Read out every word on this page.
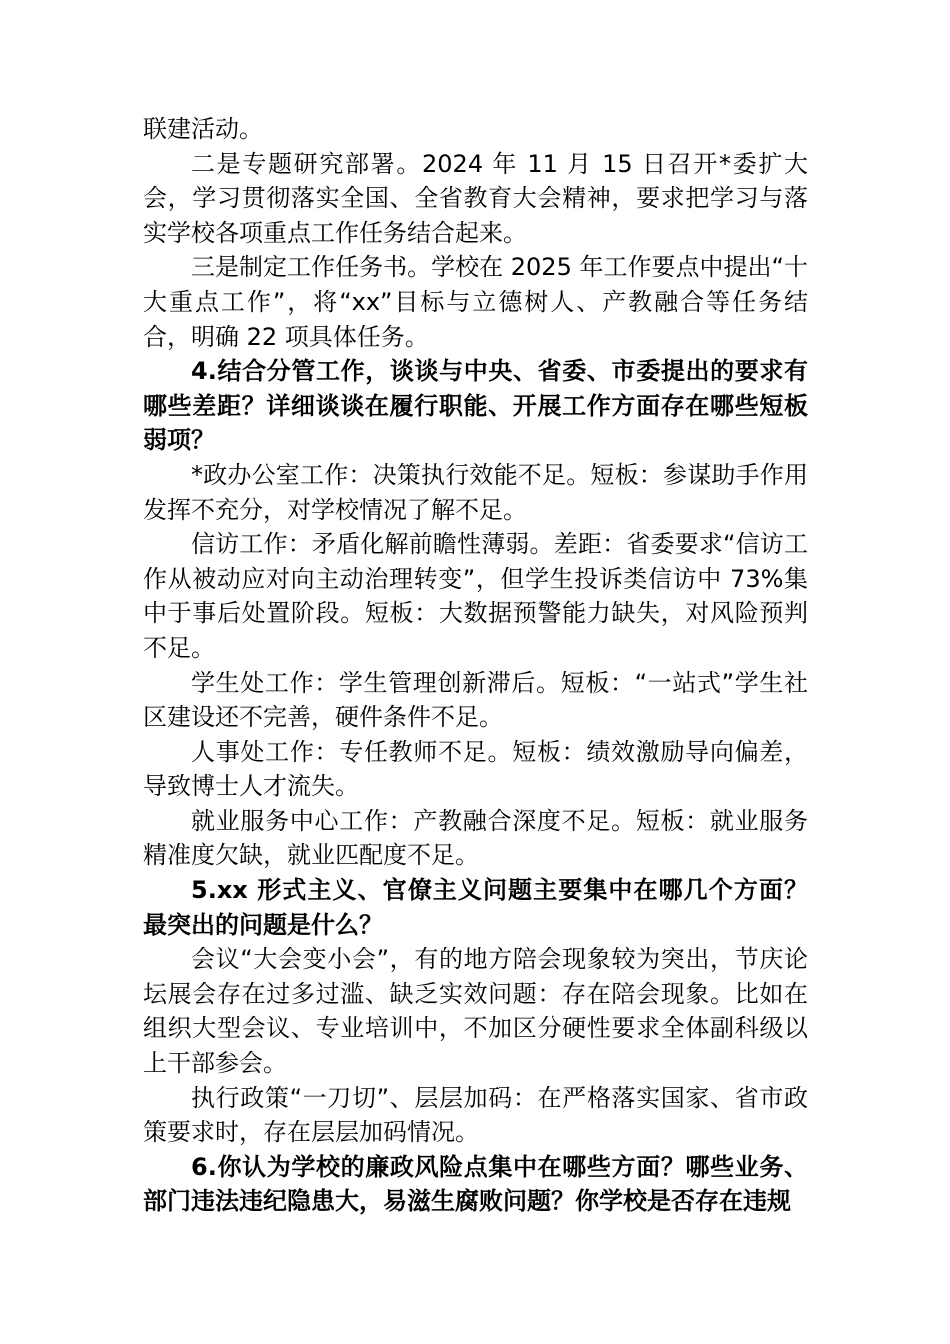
联建活动。

二是专题研究部署。2024 年 11 月 15 日召开*委扩大会，学习贯彻落实全国、全省教育大会精神，要求把学习与落实学校各项重点工作任务结合起来。

三是制定工作任务书。学校在 2025 年工作要点中提出“十大重点工作”，将“xx”目标与立德树人、产教融合等任务结合，明确 22 项具体任务。

4.结合分管工作，谈谈与中央、省委、市委提出的要求有哪些差距？详细谈谈在履行职能、开展工作方面存在哪些短板弱项？

*政办公室工作：决策执行效能不足。短板：参谋助手作用发挥不充分，对学校情况了解不足。

信访工作：矛盾化解前瞻性薄弱。差距：省委要求“信访工作从被动应对向主动治理转变”，但学生投诉类信访中 73%集中于事后处置阶段。短板：大数据预警能力缺失，对风险预判不足。

学生处工作：学生管理创新滞后。短板：“一站式”学生社区建设还不完善，硬件条件不足。

人事处工作：专任教师不足。短板：绩效激励导向偏差，导致博士人才流失。

就业服务中心工作：产教融合深度不足。短板：就业服务精准度欠缺，就业匹配度不足。

5.xx 形式主义、官僚主义问题主要集中在哪几个方面？最突出的问题是什么？

会议“大会变小会”，有的地方陪会现象较为突出，节庆论坛展会存在过多过滥、缺乏实效问题：存在陪会现象。比如在组织大型会议、专业培训中，不加区分硬性要求全体副科级以上干部参会。

执行政策“一刀切”、层层加码：在严格落实国家、省市政策要求时，存在层层加码情况。

6.你认为学校的廉政风险点集中在哪些方面？哪些业务、部门违法违纪隐患大，易滋生腐败问题？你学校是否存在违规
